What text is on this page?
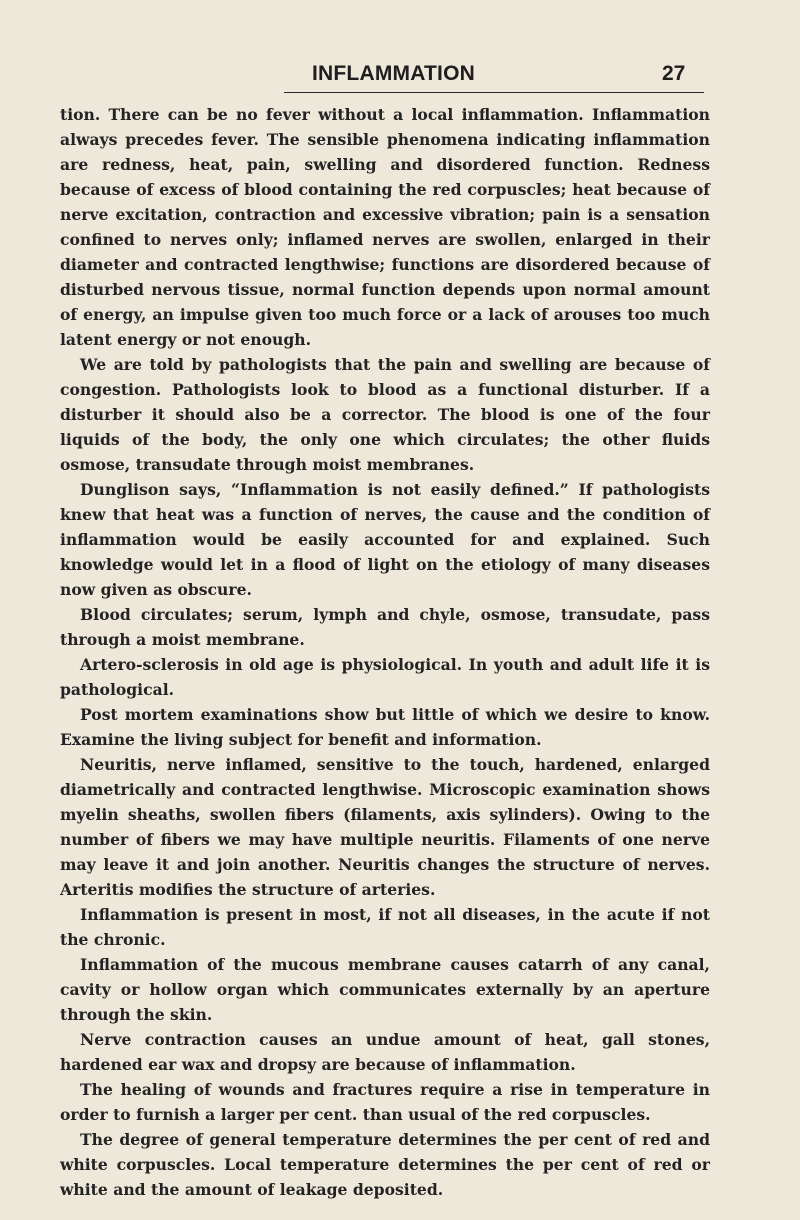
INFLAMMATION	27

tion. There can be no fever without a local inflammation. Inflammation always precedes fever. The sensible phenomena indicating inflammation are redness, heat, pain, swelling and disordered function. Redness because of excess of blood containing the red corpuscles; heat because of nerve excitation, contraction and excessive vibration; pain is a sensation confined to nerves only; inflamed nerves are swollen, enlarged in their diameter and contracted lengthwise; functions are disordered because of disturbed nervous tissue, normal function depends upon normal amount of energy, an impulse given too much force or a lack of arouses too much latent energy or not enough.

We are told by pathologists that the pain and swelling are because of congestion. Pathologists look to blood as a functional disturber. If a disturber it should also be a corrector. The blood is one of the four liquids of the body, the only one which circulates; the other fluids osmose, transudate through moist membranes.

Dunglison says, “Inflammation is not easily defined.” If pathologists knew that heat was a function of nerves, the cause and the condition of inflammation would be easily accounted for and explained. Such knowledge would let in a flood of light on the etiology of many diseases now given as obscure.

Blood circulates; serum, lymph and chyle, osmose, transudate, pass through a moist membrane.

Artero-sclerosis in old age is physiological. In youth and adult life it is pathological.

Post mortem examinations show but little of which we desire to know. Examine the living subject for benefit and information.

Neuritis, nerve inflamed, sensitive to the touch, hardened, enlarged diametrically and contracted lengthwise. Microscopic examination shows myelin sheaths, swollen fibers (filaments, axis sylinders). Owing to the number of fibers we may have multiple neuritis. Filaments of one nerve may leave it and join another. Neuritis changes the structure of nerves. Arteritis modifies the structure of arteries.

Inflammation is present in most, if not all diseases, in the acute if not the chronic.

Inflammation of the mucous membrane causes catarrh of any canal, cavity or hollow organ which communicates externally by an aperture through the skin.

Nerve contraction causes an undue amount of heat, gall stones, hardened ear wax and dropsy are because of inflammation.

The healing of wounds and fractures require a rise in temperature in order to furnish a larger per cent. than usual of the red corpuscles.

The degree of general temperature determines the per cent of red and white corpuscles. Local temperature determines the per cent of red or white and the amount of leakage deposited.
